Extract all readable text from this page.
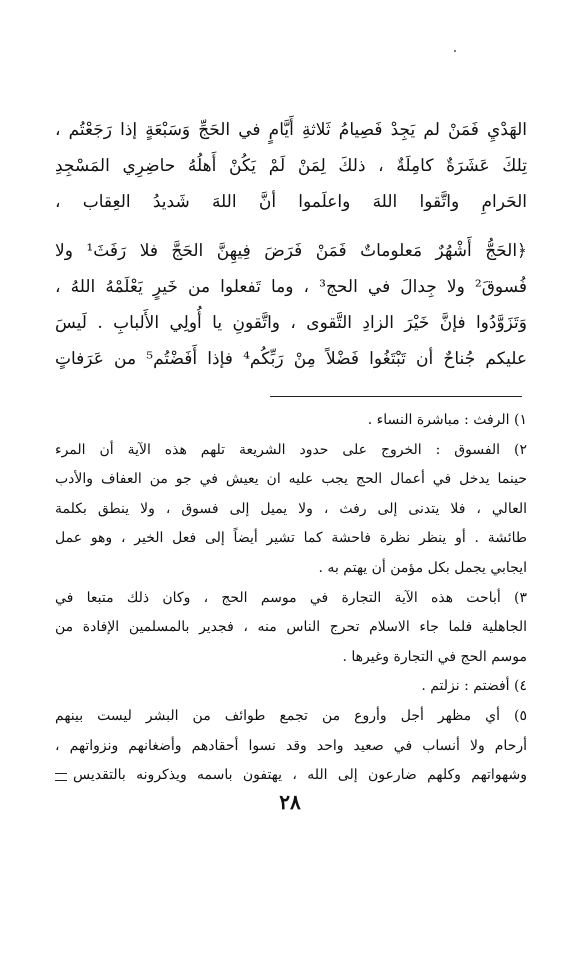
الهَدْيِ فَمَنْ لم يَجِدْ فَصِيامُ ثَلاثةِ أَيَّامٍ في الحَجِّ وَسَبْعَةٍ إذا رَجَعْتُم ،
تِلكَ عَشَرَةٌ كامِلَةٌ ، ذلكَ لِمَنْ لَمْ يَكُنْ أَهلُهُ حاضِرِي المَسْجِدِ
الحَرامِ واتَّقوا اللهَ واعلَموا أنَّ اللهَ شَديدُ العِقاب ،
﴿الحَجُّ أَشْهُرٌ مَعلوماتٌ فَمَنْ فَرَضَ فِيهِنَّ الحَجَّ فلا رَفَثَ¹ ولا
فُسوقَ² ولا جِدالَ في الحج³ ، وما تَفعلوا من خَيرٍ يَعْلَمْهُ اللهُ ،
وَتَزَوَّدُوا فإنَّ خَيْرَ الزادِ التَّقوى ، واتَّقونِ يا أُولِي الأَلبابِ . لَيسَ
عليكم جُناحٌ أن تَبْتَغُوا فَضْلاً مِنْ رَبِّكُم⁴ فإذا أَفَضْتُم⁵ من عَرَفاتٍ
١) الرفث : مباشرة النساء .
٢) الفسوق : الخروج على حدود الشريعة تلهم هذه الآية أن المرء
حينما يدخل في أعمال الحج يجب عليه ان يعيش في جو من العفاف والأدب
العالي ، فلا يتدنى إلى رفث ، ولا يميل إلى فسوق ، ولا ينطق بكلمة
طائشة . أو ينظر نظرة فاحشة كما تشير أيضاً إلى فعل الخير ، وهو عمل
ايجابي يجمل بكل مؤمن أن يهتم به .
٣) أباحت هذه الآية التجارة في موسم الحج ، وكان ذلك متبعا في
الجاهلية فلما جاء الاسلام تحرج الناس منه ، فجدير بالمسلمين الإفادة من
موسم الحج في التجارة وغيرها .
٤) أفضتم : نزلتم .
٥) أي مظهر أجل وأروع من تجمع طوائف من البشر ليست بينهم
أرحام ولا أنساب في صعيد واحد وقد نسوا أحقادهم وأضغانهم ونزواتهم ،
وشهواتهم وكلهم ضارعون إلى الله ، يهتفون باسمه ويذكرونه بالتقديس
٢٨
